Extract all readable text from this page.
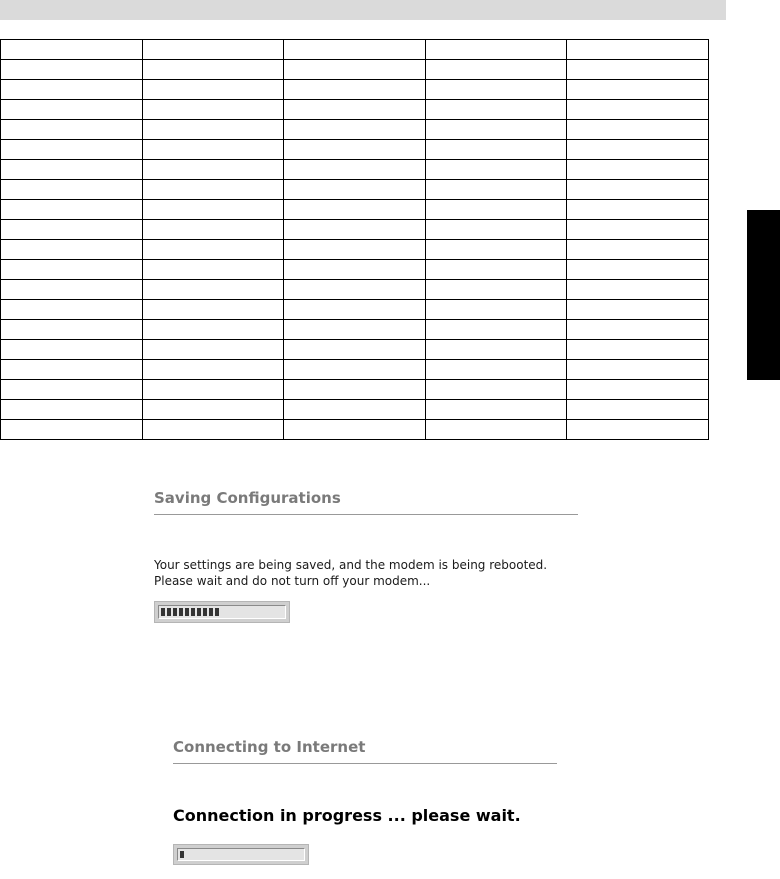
Saving Configurations

Your settings are being saved, and the modem is being rebooted.

Please wait and do not turn off your modem...

Connecting to Internet

Connection in progress ... please wait.
